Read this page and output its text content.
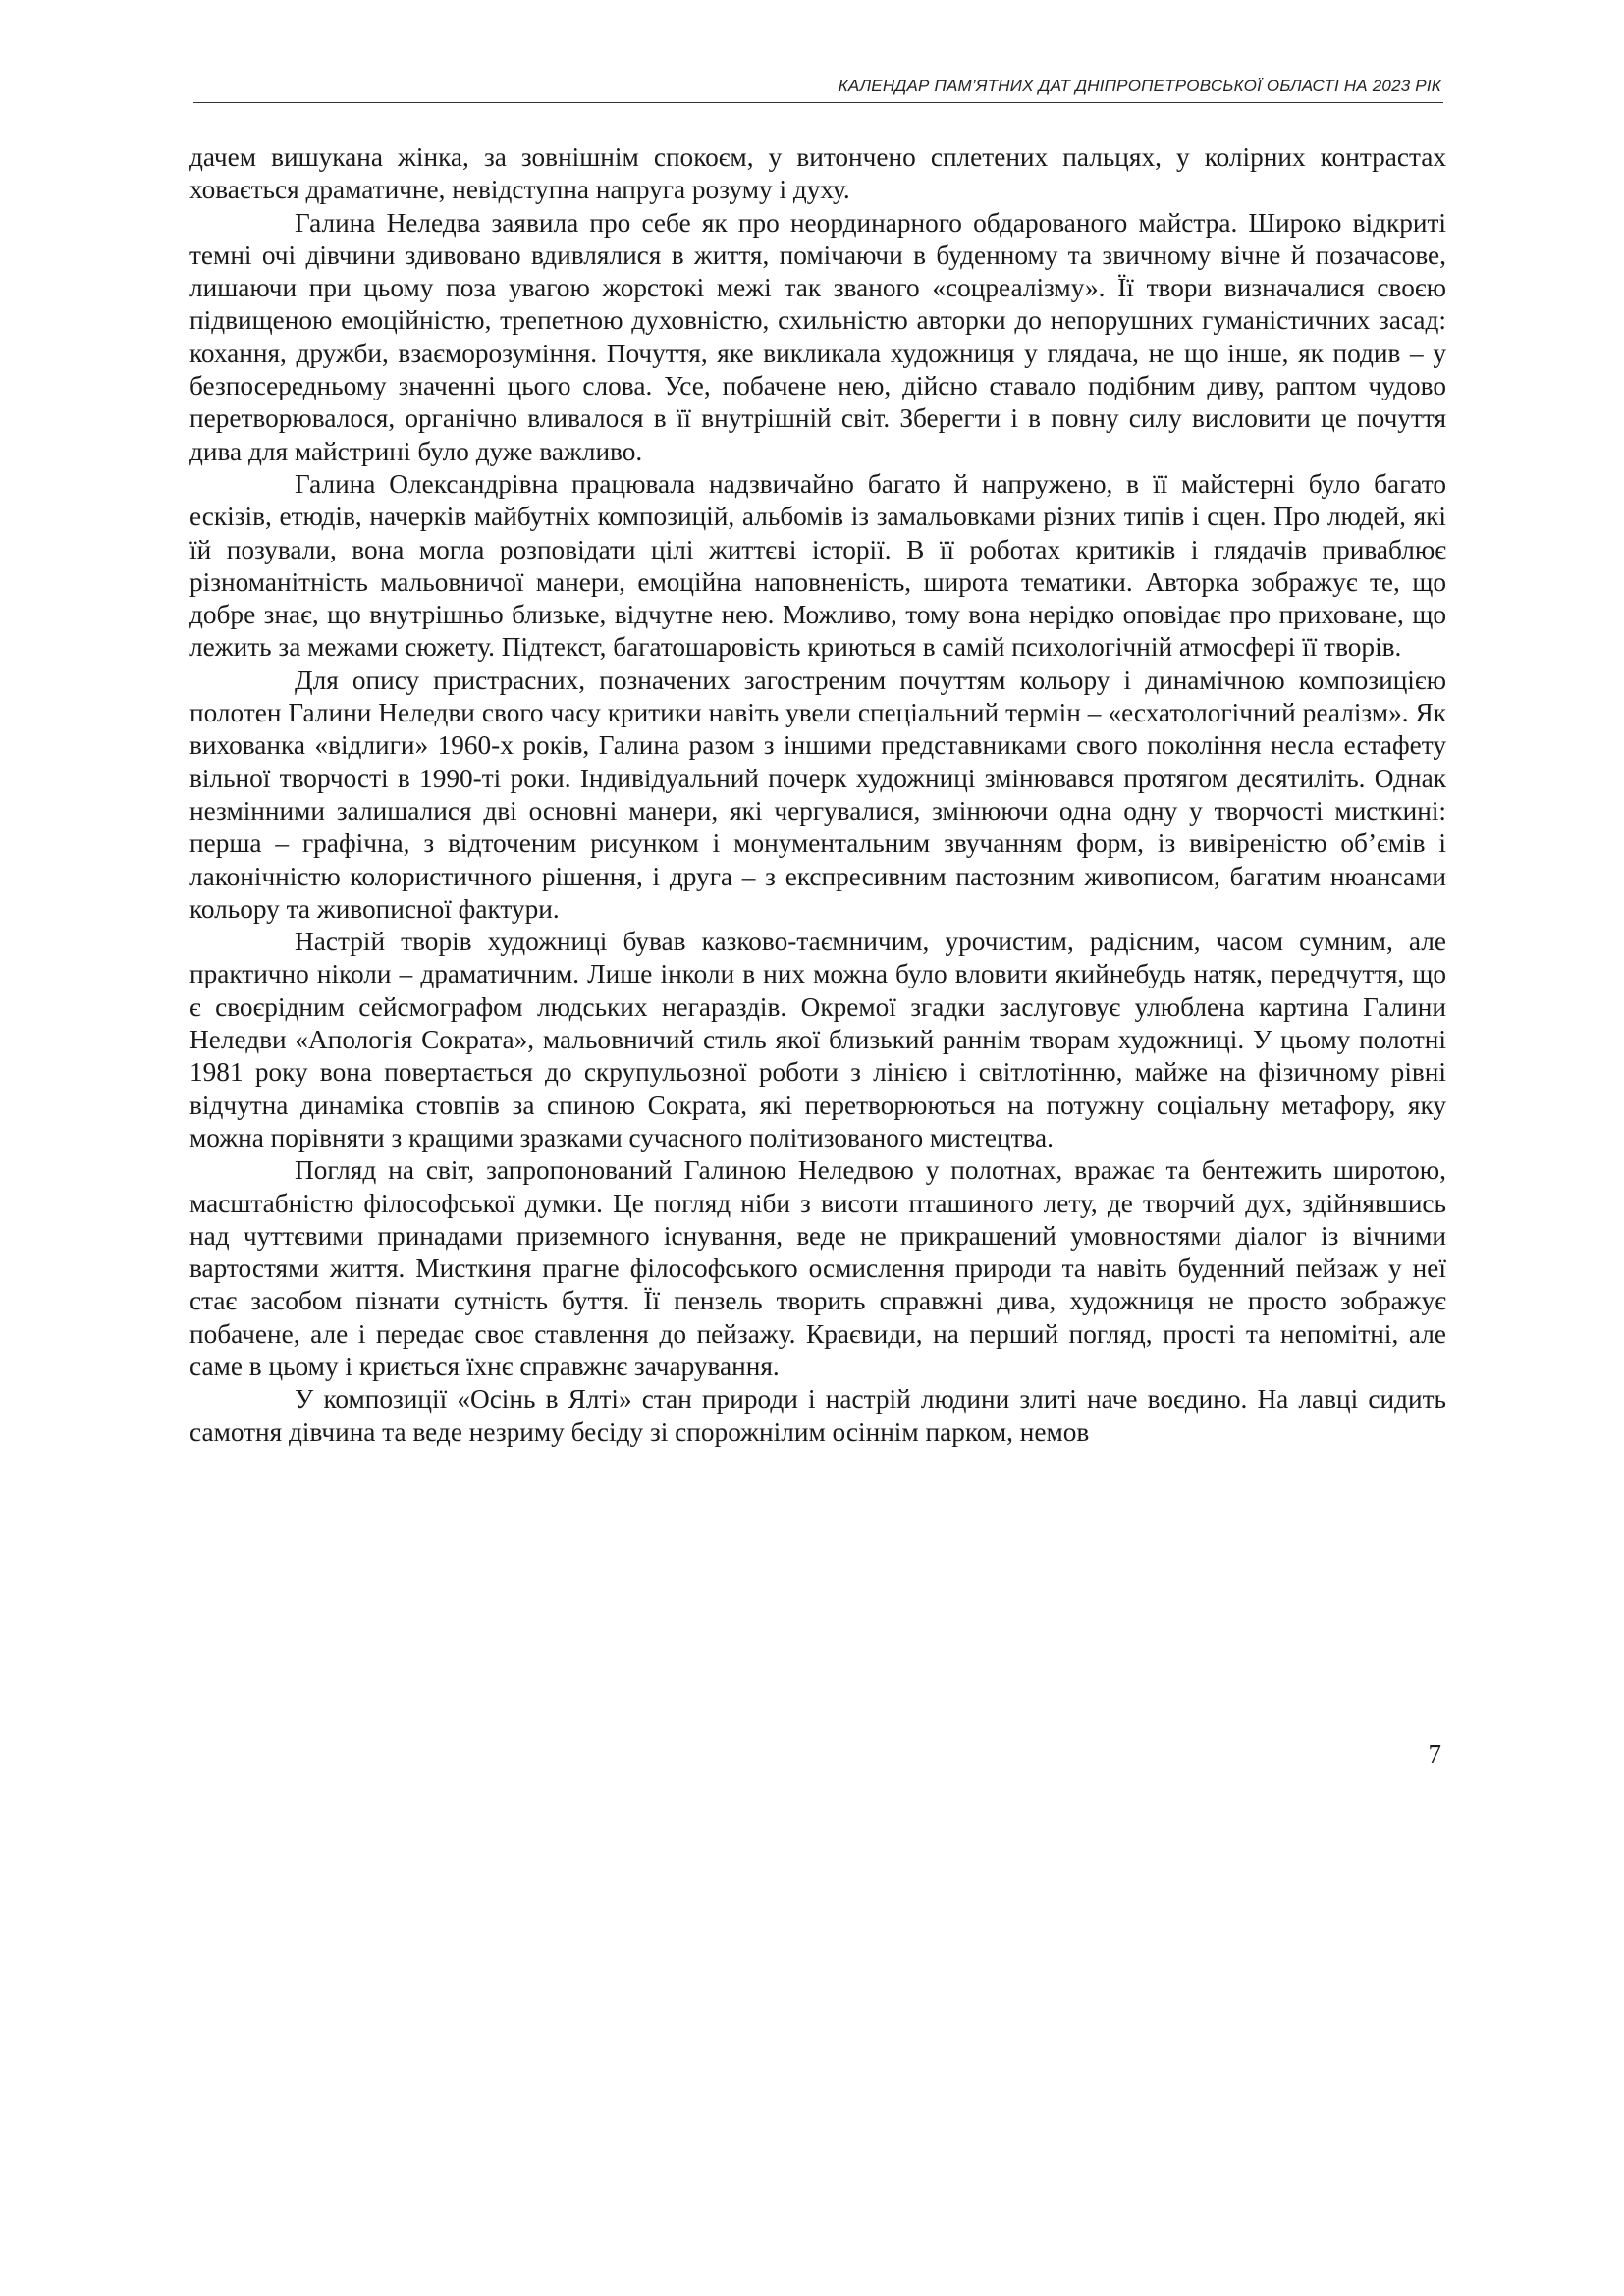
КАЛЕНДАР ПАМ’ЯТНИХ ДАТ ДНІПРОПЕТРОВСЬКОЇ ОБЛАСТІ НА 2023 РІК

дачем вишукана жінка, за зовнішнім спокоєм, у витончено сплетених пальцях, у колірних контрастах ховається драматичне, невідступна напруга розуму і духу.

Галина Неледва заявила про себе як про неординарного обдарованого майстра. Широко відкриті темні очі дівчини здивовано вдивлялися в життя, помічаючи в буденному та звичному вічне й позачасове, лишаючи при цьому поза увагою жорстокі межі так званого «соцреалізму». Її твори визначалися своєю підвищеною емоційністю, трепетною духовністю, схильністю авторки до непорушних гуманістичних засад: кохання, дружби, взаєморозуміння. Почуття, яке викликала художниця у глядача, не що інше, як подив – у безпосередньому значенні цього слова. Усе, побачене нею, дійсно ставало подібним диву, раптом чудово перетворювалося, органічно вливалося в її внутрішній світ. Зберегти і в повну силу висловити це почуття дива для майстрині було дуже важливо.

Галина Олександрівна працювала надзвичайно багато й напружено, в її майстерні було багато ескізів, етюдів, начерків майбутніх композицій, альбомів із замальовками різних типів і сцен. Про людей, які їй позували, вона могла розповідати цілі життєві історії. В її роботах критиків і глядачів приваблює різноманітність мальовничої манери, емоційна наповненість, широта тематики. Авторка зображує те, що добре знає, що внутрішньо близьке, відчутне нею. Можливо, тому вона нерідко оповідає про приховане, що лежить за межами сюжету. Підтекст, багатошаровість криються в самій психологічній атмосфері її творів.

Для опису пристрасних, позначених загостреним почуттям кольору і динамічною композицією полотен Галини Неледви свого часу критики навіть увели спеціальний термін – «есхатологічний реалізм». Як вихованка «відлиги» 1960-х років, Галина разом з іншими представниками свого покоління несла естафету вільної творчості в 1990-ті роки. Індивідуальний почерк художниці змінювався протягом десятиліть. Однак незмінними залишалися дві основні манери, які чергувалися, змінюючи одна одну у творчості мисткині: перша – графічна, з відточеним рисунком і монументальним звучанням форм, із вивіреністю об’ємів і лаконічністю колористичного рішення, і друга – з експресивним пастозним живописом, багатим нюансами кольору та живописної фактури.

Настрій творів художниці бував казково-таємничим, урочистим, радісним, часом сумним, але практично ніколи – драматичним. Лише інколи в них можна було вловити якийнебудь натяк, передчуття, що є своєрідним сейсмографом людських негараздів. Окремої згадки заслуговує улюблена картина Галини Неледви «Апологія Сократа», мальовничий стиль якої близький раннім творам художниці. У цьому полотні 1981 року вона повертається до скрупульозної роботи з лінією і світлотінню, майже на фізичному рівні відчутна динаміка стовпів за спиною Сократа, які перетворюються на потужну соціальну метафору, яку можна порівняти з кращими зразками сучасного політизованого мистецтва.

Погляд на світ, запропонований Галиною Неледвою у полотнах, вражає та бентежить широтою, масштабністю філософської думки. Це погляд ніби з висоти пташиного лету, де творчий дух, здійнявшись над чуттєвими принадами приземного існування, веде не прикрашений умовностями діалог із вічними вартостями життя. Мисткиня прагне філософського осмислення природи та навіть буденний пейзаж у неї стає засобом пізнати сутність буття. Її пензель творить справжні дива, художниця не просто зображує побачене, але і передає своє ставлення до пейзажу. Краєвиди, на перший погляд, прості та непомітні, але саме в цьому і криється їхнє справжнє зачарування.

У композиції «Осінь в Ялті» стан природи і настрій людини злиті наче воєдино. На лавці сидить самотня дівчина та веде незриму бесіду зі спорожнілим осіннім парком, немов

7
